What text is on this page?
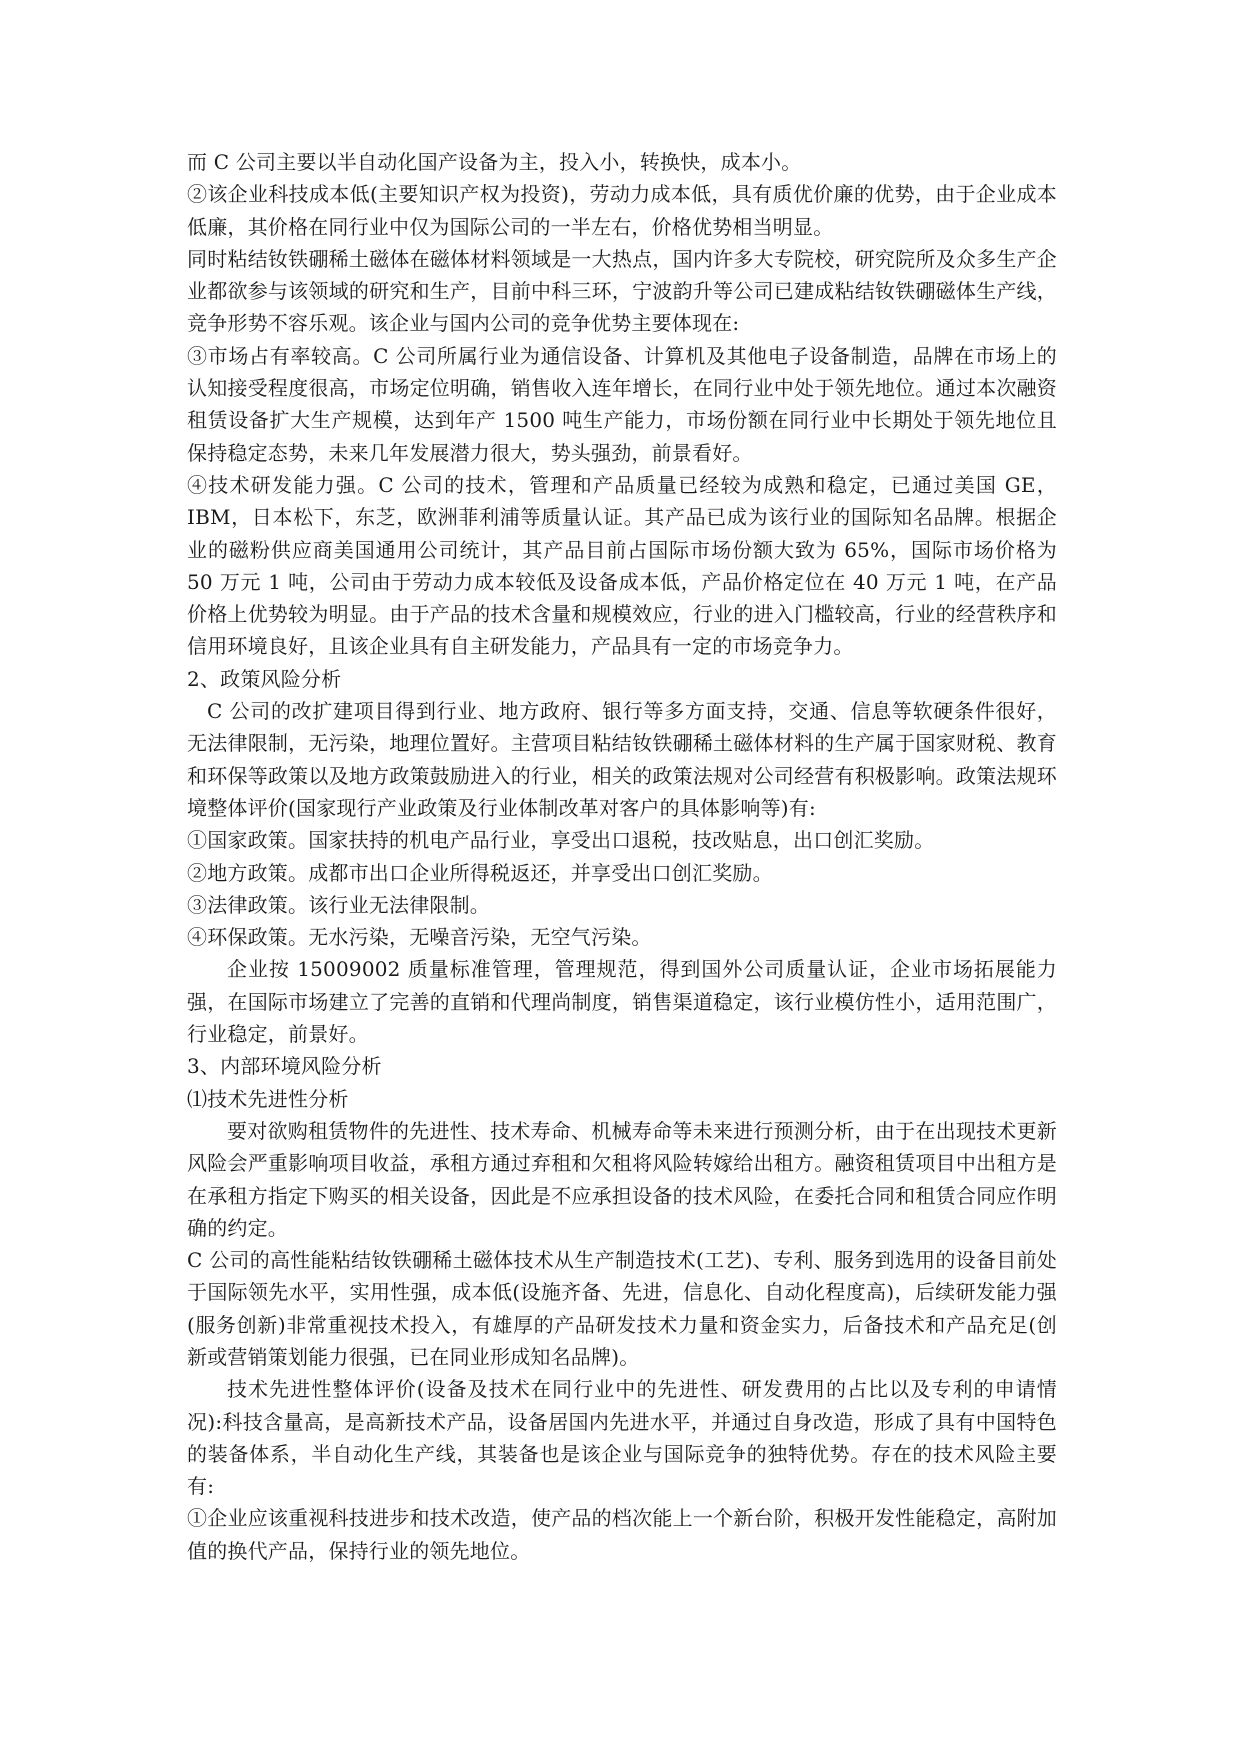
而 C 公司主要以半自动化国产设备为主，投入小，转换快，成本小。

②该企业科技成本低(主要知识产权为投资)，劳动力成本低，具有质优价廉的优势，由于企业成本低廉，其价格在同行业中仅为国际公司的一半左右，价格优势相当明显。

同时粘结钕铁硼稀土磁体在磁体材料领域是一大热点，国内许多大专院校，研究院所及众多生产企业都欲参与该领域的研究和生产，目前中科三环，宁波韵升等公司已建成粘结钕铁硼磁体生产线，竞争形势不容乐观。该企业与国内公司的竞争优势主要体现在:

③市场占有率较高。C 公司所属行业为通信设备、计算机及其他电子设备制造，品牌在市场上的认知接受程度很高，市场定位明确，销售收入连年增长，在同行业中处于领先地位。通过本次融资租赁设备扩大生产规模，达到年产 1500 吨生产能力，市场份额在同行业中长期处于领先地位且保持稳定态势，未来几年发展潜力很大，势头强劲，前景看好。

④技术研发能力强。C 公司的技术，管理和产品质量已经较为成熟和稳定，已通过美国 GE，IBM，日本松下，东芝，欧洲菲利浦等质量认证。其产品已成为该行业的国际知名品牌。根据企业的磁粉供应商美国通用公司统计，其产品目前占国际市场份额大致为 65%，国际市场价格为 50 万元 1 吨，公司由于劳动力成本较低及设备成本低，产品价格定位在 40 万元 1 吨，在产品价格上优势较为明显。由于产品的技术含量和规模效应，行业的进入门槛较高，行业的经营秩序和信用环境良好，且该企业具有自主研发能力，产品具有一定的市场竞争力。

2、政策风险分析

C 公司的改扩建项目得到行业、地方政府、银行等多方面支持，交通、信息等软硬条件很好，无法律限制，无污染，地理位置好。主营项目粘结钕铁硼稀土磁体材料的生产属于国家财税、教育和环保等政策以及地方政策鼓励进入的行业，相关的政策法规对公司经营有积极影响。政策法规环境整体评价(国家现行产业政策及行业体制改革对客户的具体影响等)有:

①国家政策。国家扶持的机电产品行业，享受出口退税，技改贴息，出口创汇奖励。

②地方政策。成都市出口企业所得税返还，并享受出口创汇奖励。

③法律政策。该行业无法律限制。

④环保政策。无水污染，无噪音污染，无空气污染。

企业按 15009002 质量标准管理，管理规范，得到国外公司质量认证，企业市场拓展能力强，在国际市场建立了完善的直销和代理尚制度，销售渠道稳定，该行业模仿性小，适用范围广，行业稳定，前景好。

3、内部环境风险分析

⑴技术先进性分析

要对欲购租赁物件的先进性、技术寿命、机械寿命等未来进行预测分析，由于在出现技术更新风险会严重影响项目收益，承租方通过弃租和欠租将风险转嫁给出租方。融资租赁项目中出租方是在承租方指定下购买的相关设备，因此是不应承担设备的技术风险，在委托合同和租赁合同应作明确的约定。

C 公司的高性能粘结钕铁硼稀土磁体技术从生产制造技术(工艺)、专利、服务到选用的设备目前处于国际领先水平，实用性强，成本低(设施齐备、先进，信息化、自动化程度高)，后续研发能力强(服务创新)非常重视技术投入，有雄厚的产品研发技术力量和资金实力，后备技术和产品充足(创新或营销策划能力很强，已在同业形成知名品牌)。

技术先进性整体评价(设备及技术在同行业中的先进性、研发费用的占比以及专利的申请情况):科技含量高，是高新技术产品，设备居国内先进水平，并通过自身改造，形成了具有中国特色的装备体系，半自动化生产线，其装备也是该企业与国际竞争的独特优势。存在的技术风险主要有:

①企业应该重视科技进步和技术改造，使产品的档次能上一个新台阶，积极开发性能稳定，高附加值的换代产品，保持行业的领先地位。
